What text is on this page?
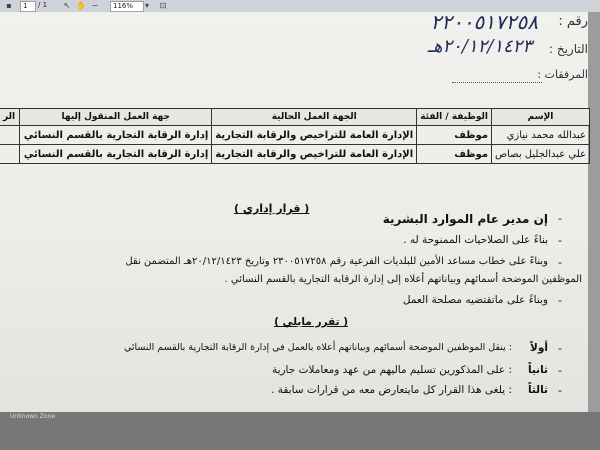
▪	1	/ 1	↖ ✋ −	116%	▾	⊡
رقم :
٢٢٠٠٥١٧٢٥٨
التاريخ :
٢٠/١٢/١٤٢٣هـ
المرفقات :
الإسم	الوظيفة / الفئة	الجهة العمل الحالية	جهة العمل المنقول إليها	الر
عبدالله محمد نيازي	موظف	الإدارة العامة للتراخيص والرقابة التجارية	إدارة الرقابة التجارية بالقسم النسائي	
علي عبدالجليل بصاص	موظف	الإدارة العامة للتراخيص والرقابة التجارية	إدارة الرقابة التجارية بالقسم النسائي	
( قرار إداري )
-
إن مدير عام الموارد البشرية
-
بناءً على الصلاحيات الممنوحة له .
-
وبناءً على خطاب مساعد الأمين للبلديات الفرعية رقم ٢٣٠٠٥١٧٢٥٨ وتاريخ ٢٠/١٢/١٤٢٣هـ المتضمن نقل
الموظفين الموضحة أسمائهم وبياناتهم أعلاه إلى إدارة الرقابة التجارية بالقسم النسائي .
-
وبناءً على ماتقتضيه مصلحة العمل
( تقرر مايلي )
-
أولاً
: ينقل الموظفين الموضحة أسمائهم وبياناتهم أعلاه بالعمل في إدارة الرقابة التجارية بالقسم النسائي
-
ثانياً
: على المذكورين تسليم ماليهم من عهد ومعاملات جارية
-
ثالثاً
: يلغى هذا القرار كل مايتعارض معه من قرارات سابقة .
Unknown Zone
